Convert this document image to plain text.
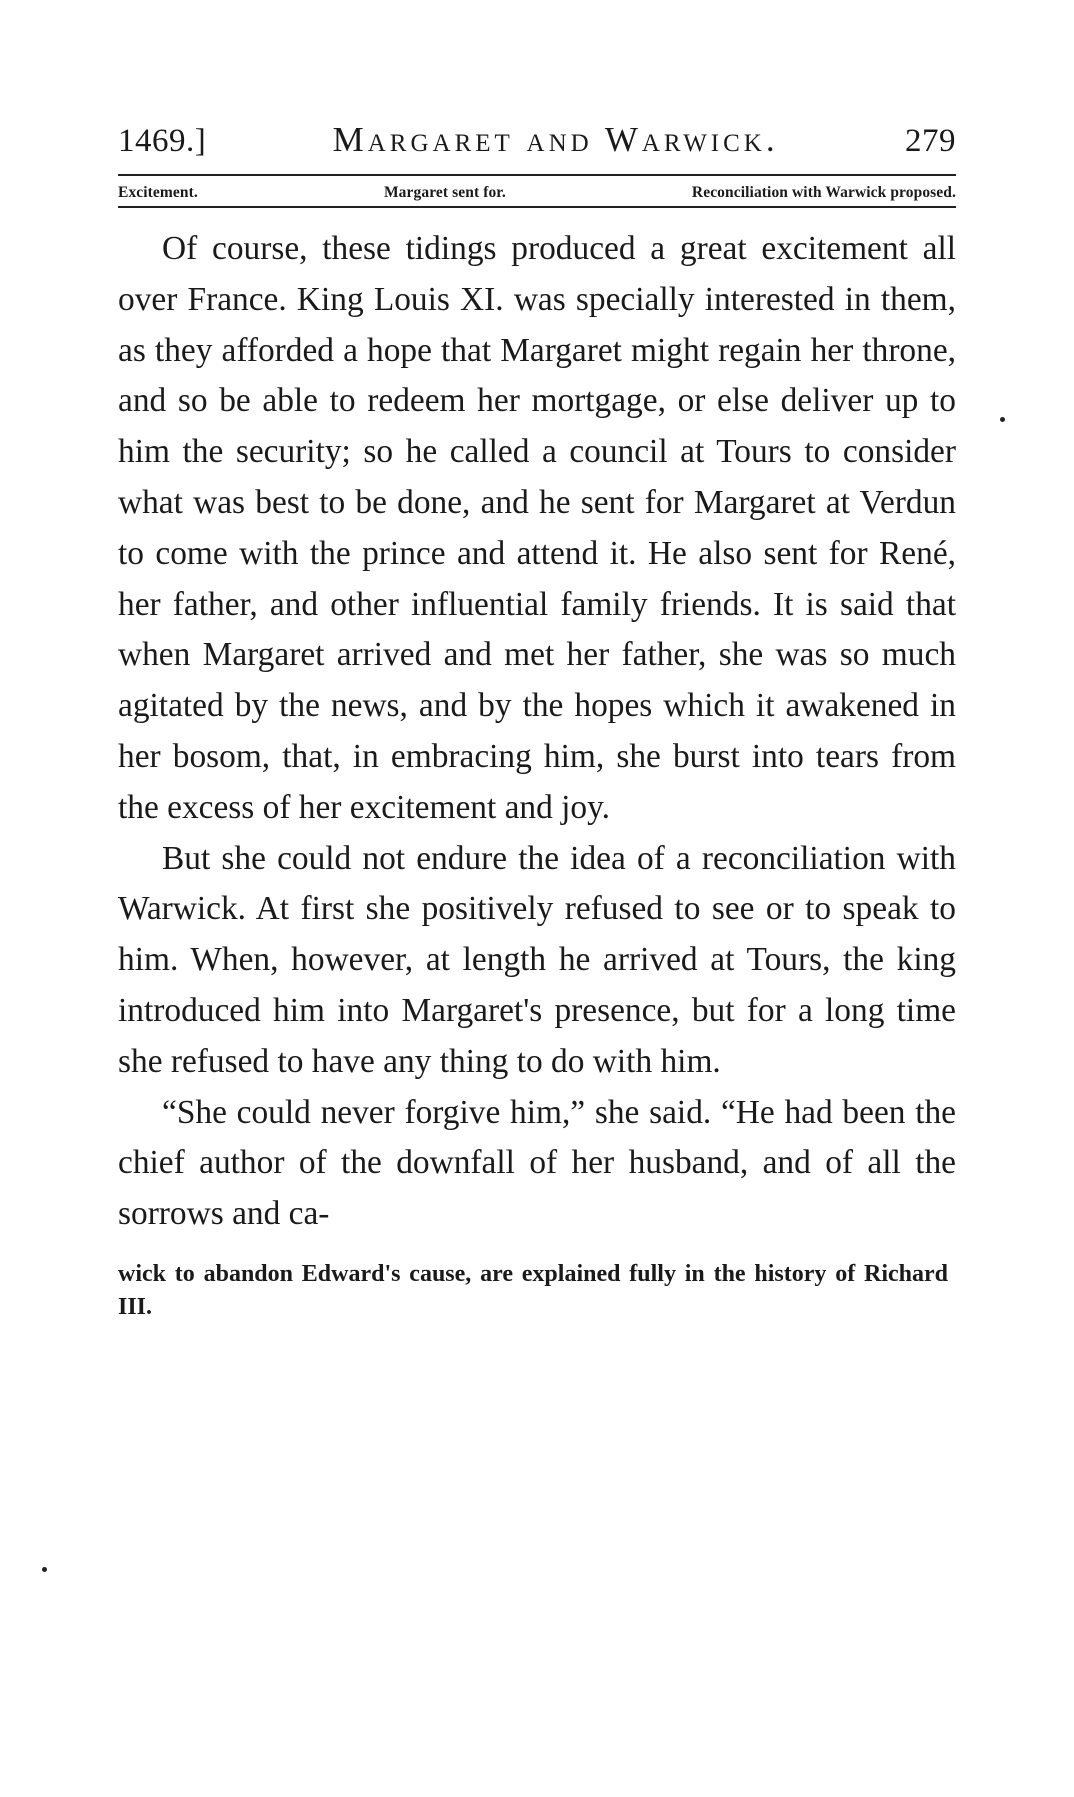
1469.]	Margaret and Warwick.	279
Excitement.	Margaret sent for.	Reconciliation with Warwick proposed.

Of course, these tidings produced a great excitement all over France. King Louis XI. was specially interested in them, as they afforded a hope that Margaret might regain her throne, and so be able to redeem her mortgage, or else deliver up to him the security; so he called a council at Tours to consider what was best to be done, and he sent for Margaret at Verdun to come with the prince and attend it. He also sent for René, her father, and other influential family friends. It is said that when Margaret arrived and met her father, she was so much agitated by the news, and by the hopes which it awakened in her bosom, that, in embracing him, she burst into tears from the excess of her excitement and joy.

But she could not endure the idea of a reconciliation with Warwick. At first she positively refused to see or to speak to him. When, however, at length he arrived at Tours, the king introduced him into Margaret's presence, but for a long time she refused to have any thing to do with him.

“She could never forgive him,” she said. “He had been the chief author of the downfall of her husband, and of all the sorrows and ca-

wick to abandon Edward's cause, are explained fully in the history of Richard III.
